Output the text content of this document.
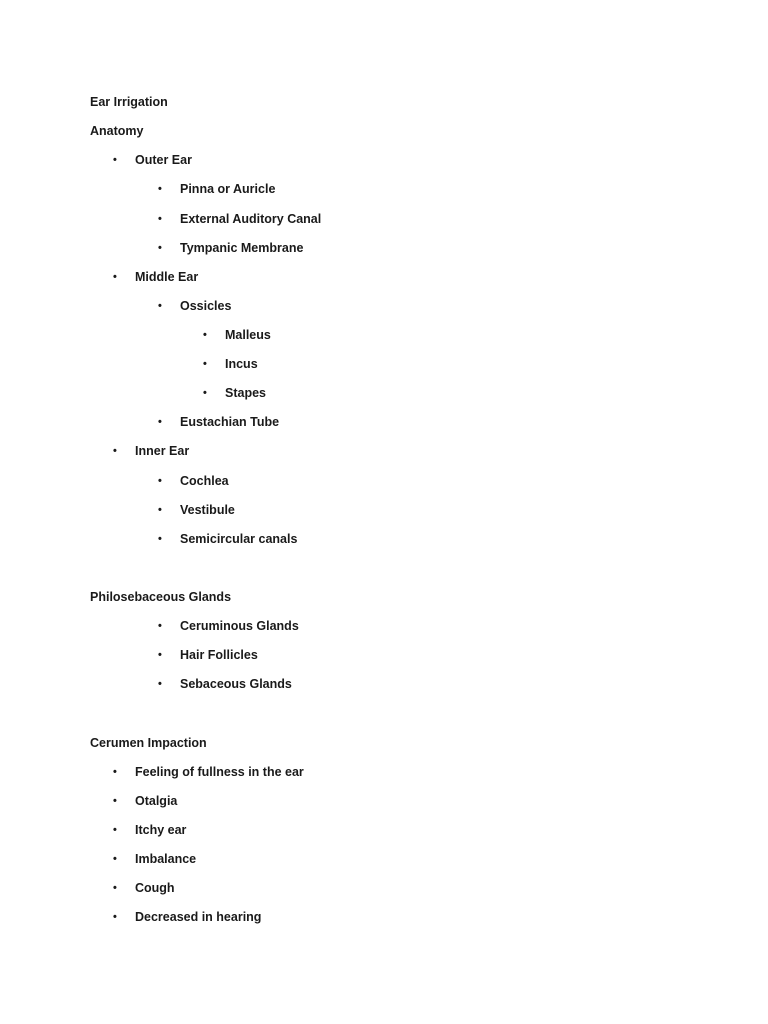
Ear Irrigation
Anatomy
• Outer Ear
• Pinna or Auricle
• External Auditory Canal
• Tympanic Membrane
• Middle Ear
• Ossicles
• Malleus
• Incus
• Stapes
• Eustachian Tube
• Inner Ear
• Cochlea
• Vestibule
• Semicircular canals
Philosebaceous Glands
• Ceruminous Glands
• Hair Follicles
• Sebaceous Glands
Cerumen Impaction
• Feeling of fullness in the ear
• Otalgia
• Itchy ear
• Imbalance
• Cough
• Decreased in hearing
